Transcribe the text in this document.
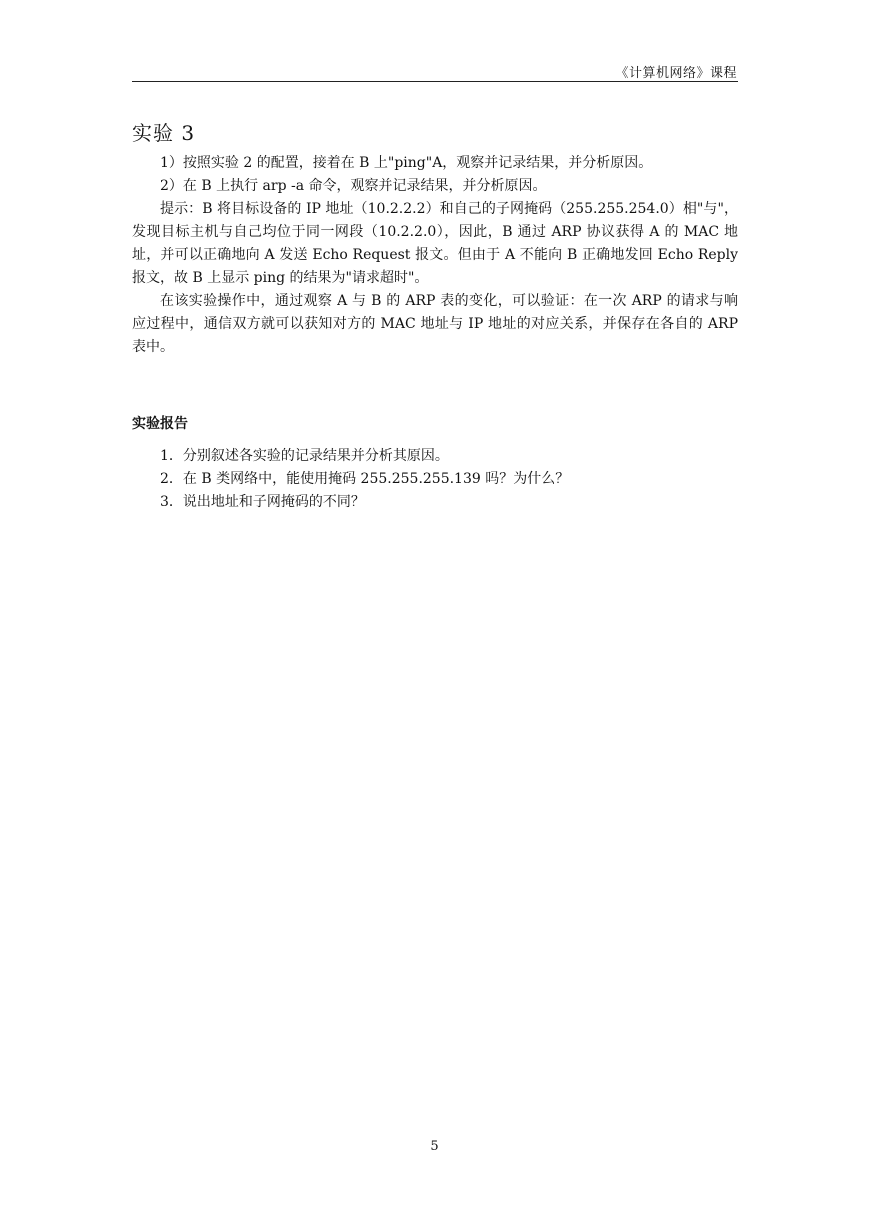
《计算机网络》课程
实验 3

1）按照实验 2 的配置，接着在 B 上"ping"A，观察并记录结果，并分析原因。

2）在 B 上执行 arp -a 命令，观察并记录结果，并分析原因。

提示：B 将目标设备的 IP 地址（10.2.2.2）和自己的子网掩码（255.255.254.0）相"与"，发现目标主机与自己均位于同一网段（10.2.2.0），因此，B 通过 ARP 协议获得 A 的 MAC 地址，并可以正确地向 A 发送 Echo Request 报文。但由于 A 不能向 B 正确地发回 Echo Reply 报文，故 B 上显示 ping 的结果为"请求超时"。

在该实验操作中，通过观察 A 与 B 的 ARP 表的变化，可以验证：在一次 ARP 的请求与响应过程中，通信双方就可以获知对方的 MAC 地址与 IP 地址的对应关系，并保存在各自的 ARP 表中。

实验报告
1．分别叙述各实验的记录结果并分析其原因。
2．在 B 类网络中，能使用掩码 255.255.255.139 吗？为什么？
3．说出地址和子网掩码的不同？
5
